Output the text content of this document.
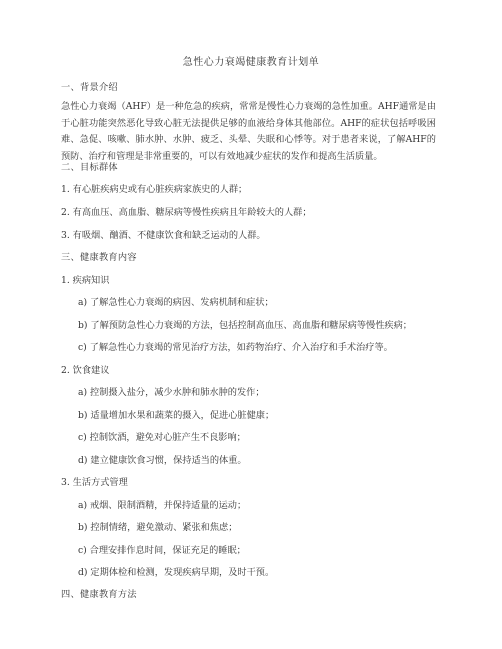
急性心力衰竭健康教育计划单
一、背景介绍
急性心力衰竭（AHF）是一种危急的疾病，常常是慢性心力衰竭的急性加重。AHF通常是由于心脏功能突然恶化导致心脏无法提供足够的血液给身体其他部位。AHF的症状包括呼吸困难、急促、咳嗽、肺水肿、水肿、疲乏、头晕、失眠和心悸等。对于患者来说，了解AHF的预防、治疗和管理是非常重要的，可以有效地减少症状的发作和提高生活质量。
二、目标群体
1. 有心脏疾病史或有心脏疾病家族史的人群；
2. 有高血压、高血脂、糖尿病等慢性疾病且年龄较大的人群；
3. 有吸烟、酗酒、不健康饮食和缺乏运动的人群。
三、健康教育内容
1. 疾病知识
a) 了解急性心力衰竭的病因、发病机制和症状；
b) 了解预防急性心力衰竭的方法，包括控制高血压、高血脂和糖尿病等慢性疾病；
c) 了解急性心力衰竭的常见治疗方法，如药物治疗、介入治疗和手术治疗等。
2. 饮食建议
a) 控制摄入盐分，减少水肿和肺水肿的发作；
b) 适量增加水果和蔬菜的摄入，促进心脏健康；
c) 控制饮酒，避免对心脏产生不良影响；
d) 建立健康饮食习惯，保持适当的体重。
3. 生活方式管理
a) 戒烟、限制酒精，并保持适量的运动；
b) 控制情绪，避免激动、紧张和焦虑；
c) 合理安排作息时间，保证充足的睡眠；
d) 定期体检和检测，发现疾病早期，及时干预。
四、健康教育方法
